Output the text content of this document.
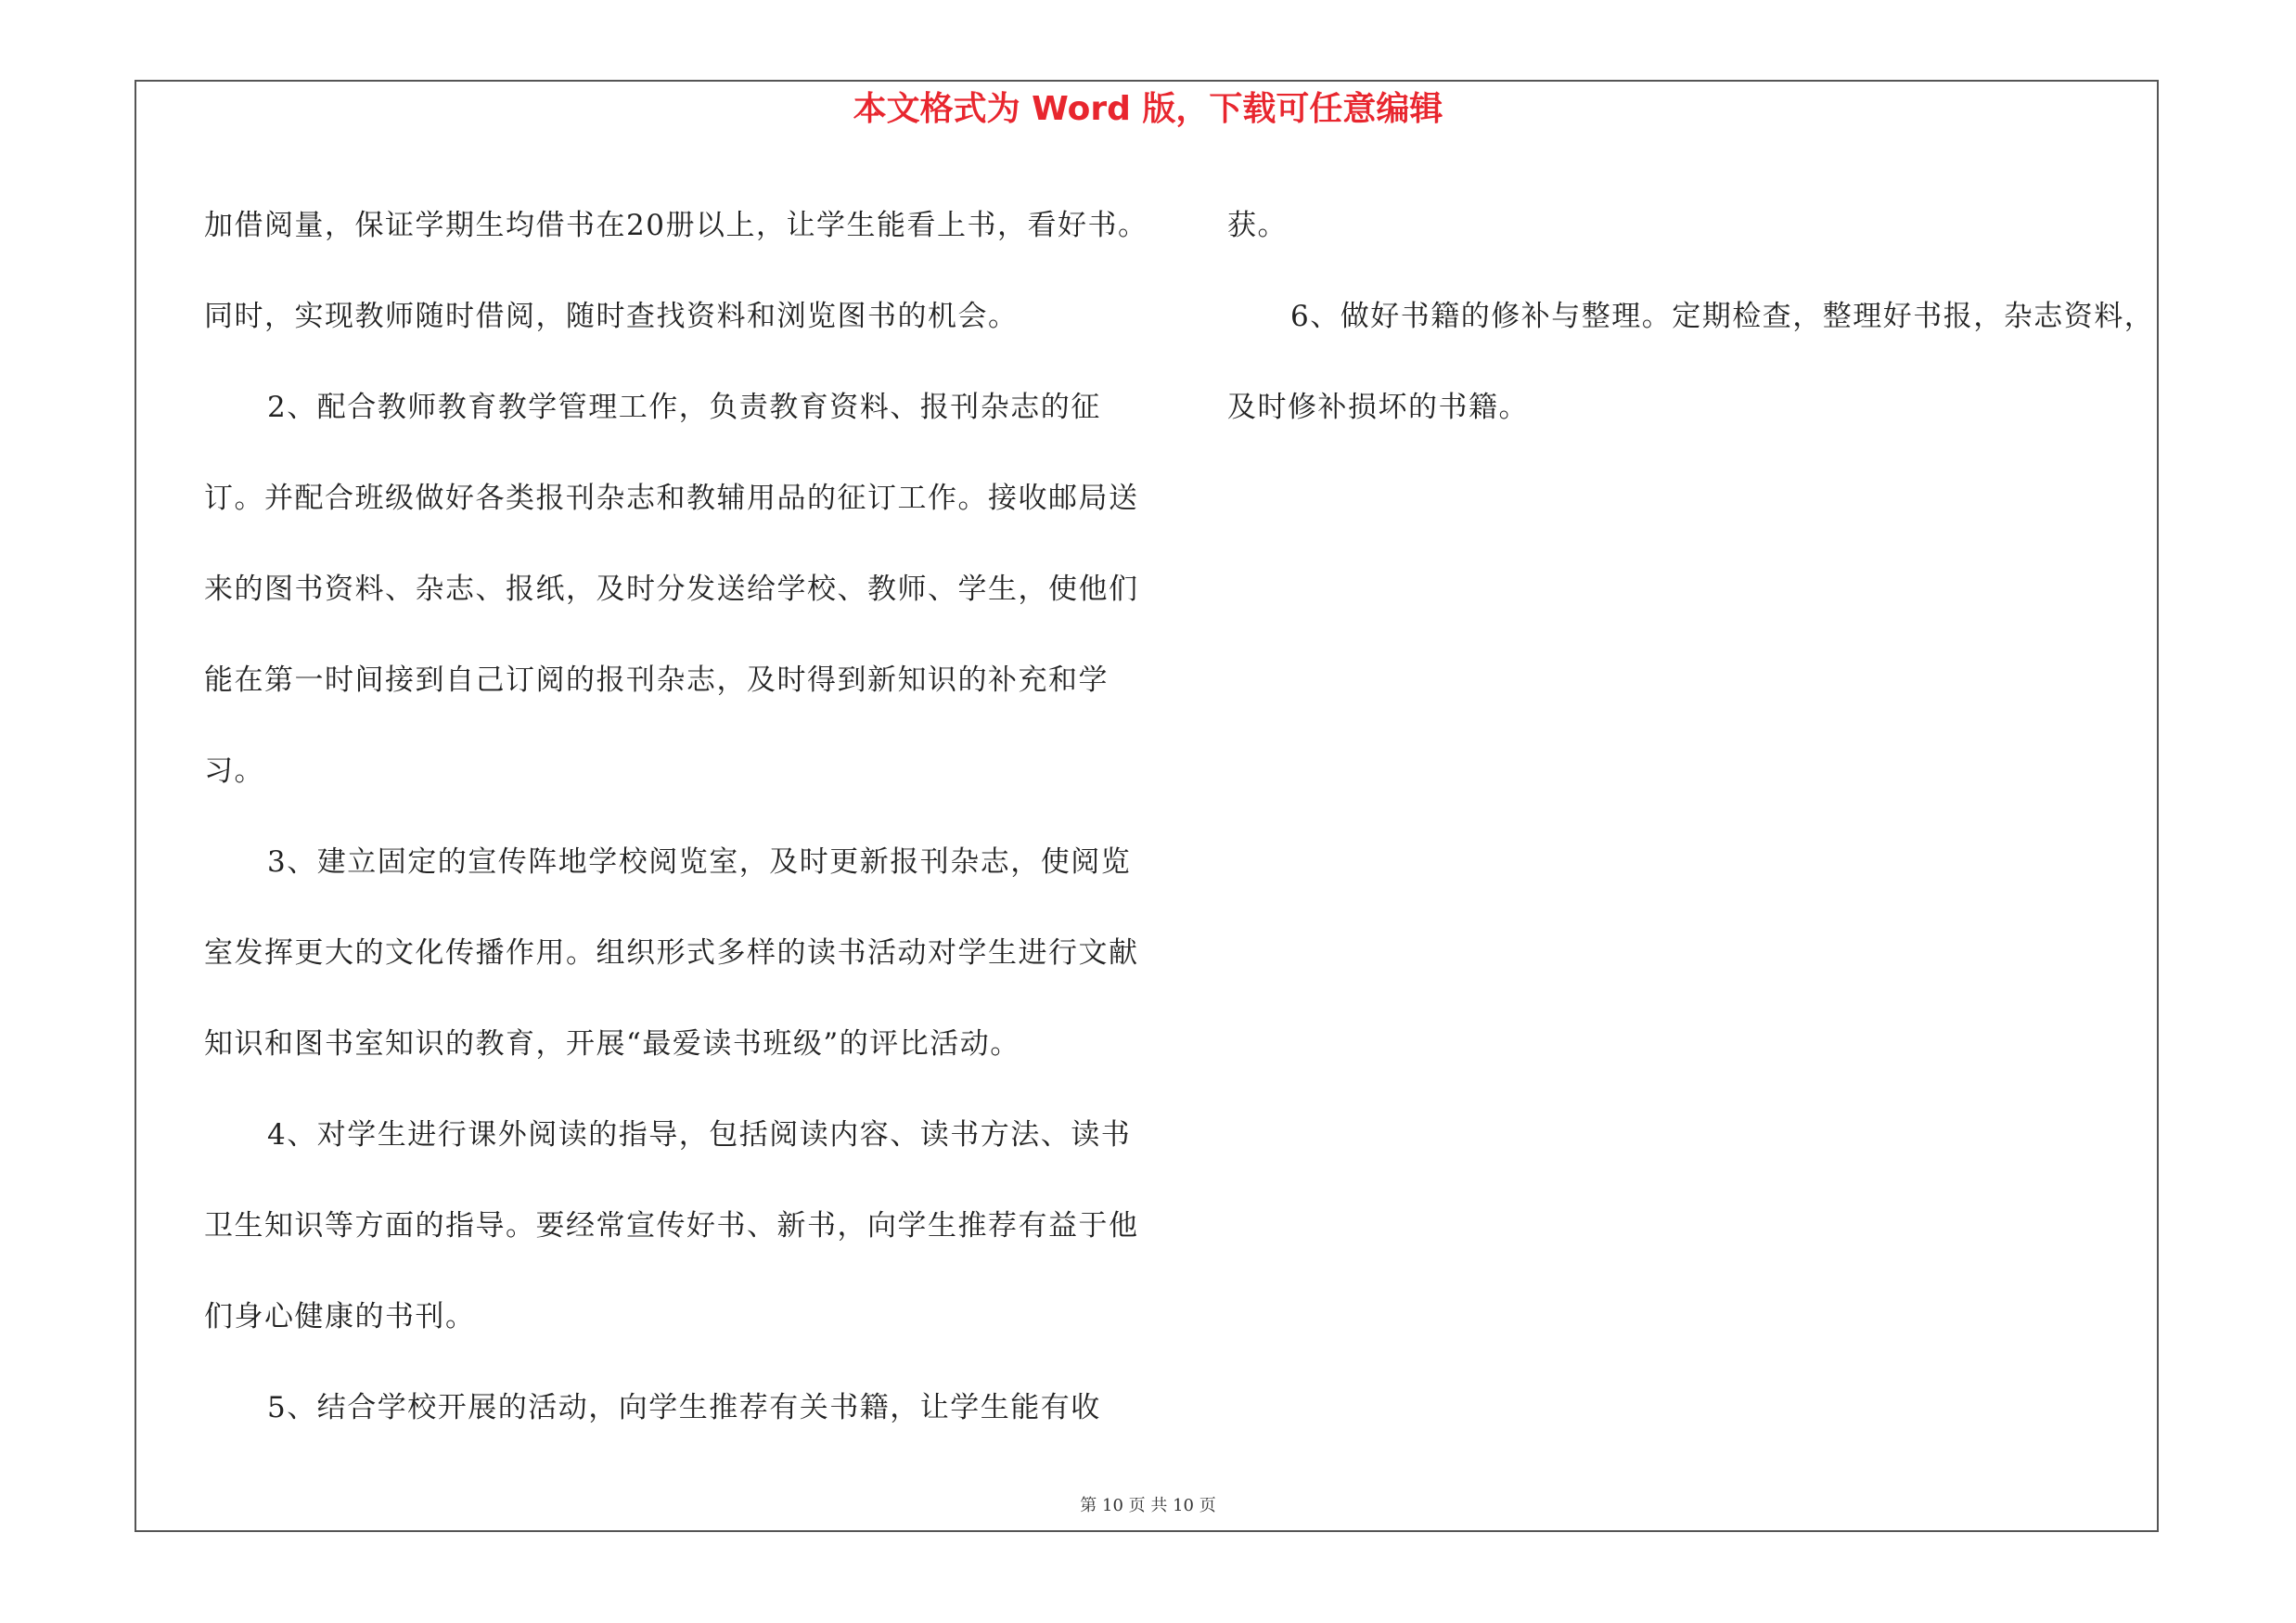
本文格式为 Word 版，下载可任意编辑

加借阅量，保证学期生均借书在20册以上，让学生能看上书，看好书。同时，实现教师随时借阅，随时查找资料和浏览图书的机会。

2、配合教师教育教学管理工作，负责教育资料、报刊杂志的征订。并配合班级做好各类报刊杂志和教辅用品的征订工作。接收邮局送来的图书资料、杂志、报纸，及时分发送给学校、教师、学生，使他们能在第一时间接到自己订阅的报刊杂志，及时得到新知识的补充和学习。

3、建立固定的宣传阵地学校阅览室，及时更新报刊杂志，使阅览室发挥更大的文化传播作用。组织形式多样的读书活动对学生进行文献知识和图书室知识的教育，开展“最爱读书班级”的评比活动。

4、对学生进行课外阅读的指导，包括阅读内容、读书方法、读书卫生知识等方面的指导。要经常宣传好书、新书，向学生推荐有益于他们身心健康的书刊。

5、结合学校开展的活动，向学生推荐有关书籍，让学生能有收

获。

6、做好书籍的修补与整理。定期检查，整理好书报，杂志资料，及时修补损坏的书籍。

第 10 页 共 10 页
